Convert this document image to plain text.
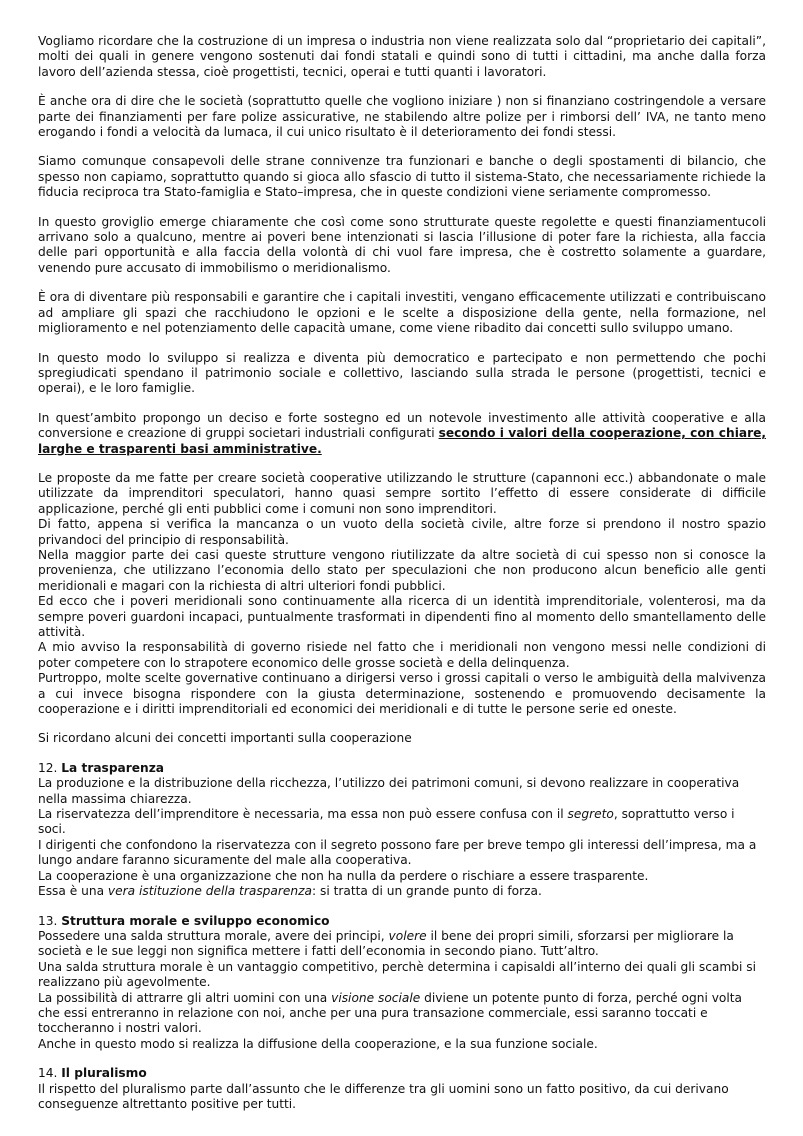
Vogliamo ricordare che la costruzione di un impresa o industria non viene realizzata solo dal “proprietario dei capitali”, molti dei quali in genere vengono sostenuti dai fondi statali e quindi sono di tutti i cittadini, ma anche dalla forza lavoro dell’azienda stessa, cioè progettisti, tecnici, operai e tutti quanti i lavoratori.

È anche ora di dire che le società (soprattutto quelle che vogliono iniziare ) non si finanziano costringendole a versare parte dei finanziamenti per fare polize assicurative, ne stabilendo altre polize per i rimborsi dell’ IVA, ne tanto meno erogando i fondi a velocità da lumaca, il cui unico risultato è il deterioramento dei fondi stessi.

Siamo comunque consapevoli delle strane connivenze tra funzionari e banche o degli spostamenti di bilancio, che spesso non capiamo, soprattutto quando si gioca allo sfascio di tutto il sistema-Stato, che necessariamente richiede la fiducia reciproca tra Stato-famiglia e Stato–impresa, che in queste condizioni viene seriamente compromesso.

In questo groviglio emerge chiaramente che così come sono strutturate queste regolette e questi finanziamentucoli arrivano solo a qualcuno, mentre ai poveri bene intenzionati si lascia l’illusione di poter fare la richiesta, alla faccia delle pari opportunità e alla faccia della volontà di chi vuol fare impresa, che è costretto solamente a guardare, venendo pure accusato di immobilismo o meridionalismo.

È ora di diventare più responsabili e garantire che i capitali investiti, vengano efficacemente utilizzati e contribuiscano ad ampliare gli spazi che racchiudono le opzioni e le scelte a disposizione della gente, nella formazione, nel miglioramento e nel potenziamento delle capacità umane, come viene ribadito dai concetti sullo sviluppo umano.

In questo modo lo sviluppo si realizza e diventa più democratico e partecipato e non permettendo che pochi spregiudicati spendano il patrimonio sociale e collettivo, lasciando sulla strada le persone (progettisti, tecnici e operai), e le loro famiglie.

In quest’ambito propongo un deciso e forte sostegno ed un notevole investimento alle attività cooperative e alla conversione e creazione di gruppi societari industriali configurati secondo i valori della cooperazione, con chiare, larghe e trasparenti basi amministrative.

Le proposte da me fatte per creare società cooperative utilizzando le strutture (capannoni ecc.) abbandonate o male utilizzate da imprenditori speculatori, hanno quasi sempre sortito l’effetto di essere considerate di difficile applicazione, perché gli enti pubblici come i comuni non sono imprenditori.

Di fatto, appena si verifica la mancanza o un vuoto della società civile, altre forze si prendono il nostro spazio privandoci del principio di responsabilità.

Nella maggior parte dei casi queste strutture vengono riutilizzate da altre società di cui spesso non si conosce la provenienza, che utilizzano l’economia dello stato per speculazioni che non producono alcun beneficio alle genti meridionali e magari con la richiesta di altri ulteriori fondi pubblici.

Ed ecco che i poveri meridionali sono continuamente alla ricerca di un identità imprenditoriale, volenterosi, ma da sempre poveri guardoni incapaci, puntualmente trasformati in dipendenti fino al momento dello smantellamento delle attività.

A mio avviso la responsabilità di governo risiede nel fatto che i meridionali non vengono messi nelle condizioni di poter competere con lo strapotere economico delle grosse società e della delinquenza.

Purtroppo, molte scelte governative continuano a dirigersi verso i grossi capitali o verso le ambiguità della malvivenza a cui invece bisogna rispondere con la giusta determinazione, sostenendo e promuovendo decisamente la cooperazione e i diritti imprenditoriali ed economici dei meridionali e di tutte le persone serie ed oneste.

Si ricordano alcuni dei concetti importanti sulla cooperazione

12. La trasparenza

La produzione e la distribuzione della ricchezza, l’utilizzo dei patrimoni comuni, si devono realizzare in cooperativa nella massima chiarezza.

La riservatezza dell’imprenditore è necessaria, ma essa non può essere confusa con il segreto, soprattutto verso i soci.

I dirigenti che confondono la riservatezza con il segreto possono fare per breve tempo gli interessi dell’impresa, ma a lungo andare faranno sicuramente del male alla cooperativa.

La cooperazione è una organizzazione che non ha nulla da perdere o rischiare a essere trasparente.

Essa è una vera istituzione della trasparenza: si tratta di un grande punto di forza.

13. Struttura morale e sviluppo economico

Possedere una salda struttura morale, avere dei principi, volere il bene dei propri simili, sforzarsi per migliorare la società e le sue leggi non significa mettere i fatti dell’economia in secondo piano. Tutt’altro.

Una salda struttura morale è un vantaggio competitivo, perchè determina i capisaldi all’interno dei quali gli scambi si realizzano più agevolmente.

La possibilità di attrarre gli altri uomini con una visione sociale diviene un potente punto di forza, perché ogni volta che essi entreranno in relazione con noi, anche per una pura transazione commerciale, essi saranno toccati e toccheranno i nostri valori.

Anche in questo modo si realizza la diffusione della cooperazione, e la sua funzione sociale.

14. Il pluralismo

Il rispetto del pluralismo parte dall’assunto che le differenze tra gli uomini sono un fatto positivo, da cui derivano conseguenze altrettanto positive per tutti.
